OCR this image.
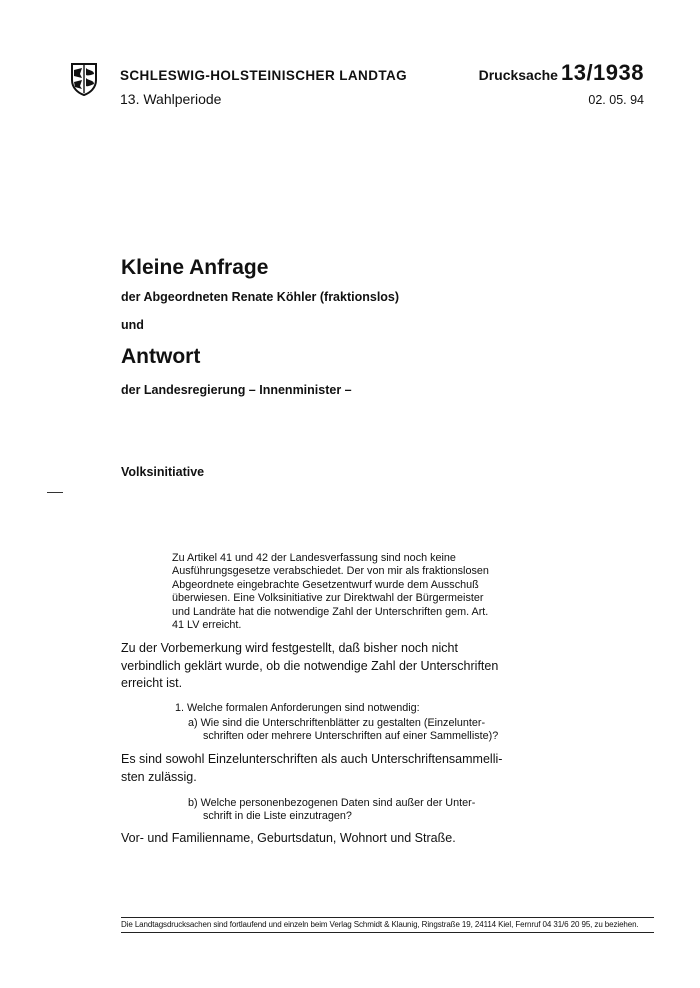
SCHLESWIG-HOLSTEINISCHER LANDTAG
13. Wahlperiode
Drucksache 13/1938
02. 05. 94
Kleine Anfrage
der Abgeordneten Renate Köhler (fraktionslos)
und
Antwort
der Landesregierung – Innenminister –
Volksinitiative
Zu Artikel 41 und 42 der Landesverfassung sind noch keine
Ausführungsgesetze verabschiedet. Der von mir als fraktionslosen
Abgeordnete eingebrachte Gesetzentwurf wurde dem Ausschuß
überwiesen. Eine Volksinitiative zur Direktwahl der Bürgermeister
und Landräte hat die notwendige Zahl der Unterschriften gem. Art.
41 LV erreicht.
Zu der Vorbemerkung wird festgestellt, daß bisher noch nicht
verbindlich geklärt wurde, ob die notwendige Zahl der Unterschriften
erreicht ist.
1. Welche formalen Anforderungen sind notwendig:
a) Wie sind die Unterschriftenblätter zu gestalten (Einzelunter-
schriften oder mehrere Unterschriften auf einer Sammelliste)?
Es sind sowohl Einzelunterschriften als auch Unterschriftensammelli-
sten zulässig.
b) Welche personenbezogenen Daten sind außer der Unter-
schrift in die Liste einzutragen?
Vor- und Familienname, Geburtsdatun, Wohnort und Straße.
Die Landtagsdrucksachen sind fortlaufend und einzeln beim Verlag Schmidt & Klaunig, Ringstraße 19, 24114 Kiel, Fernruf 04 31/6 20 95, zu beziehen.
